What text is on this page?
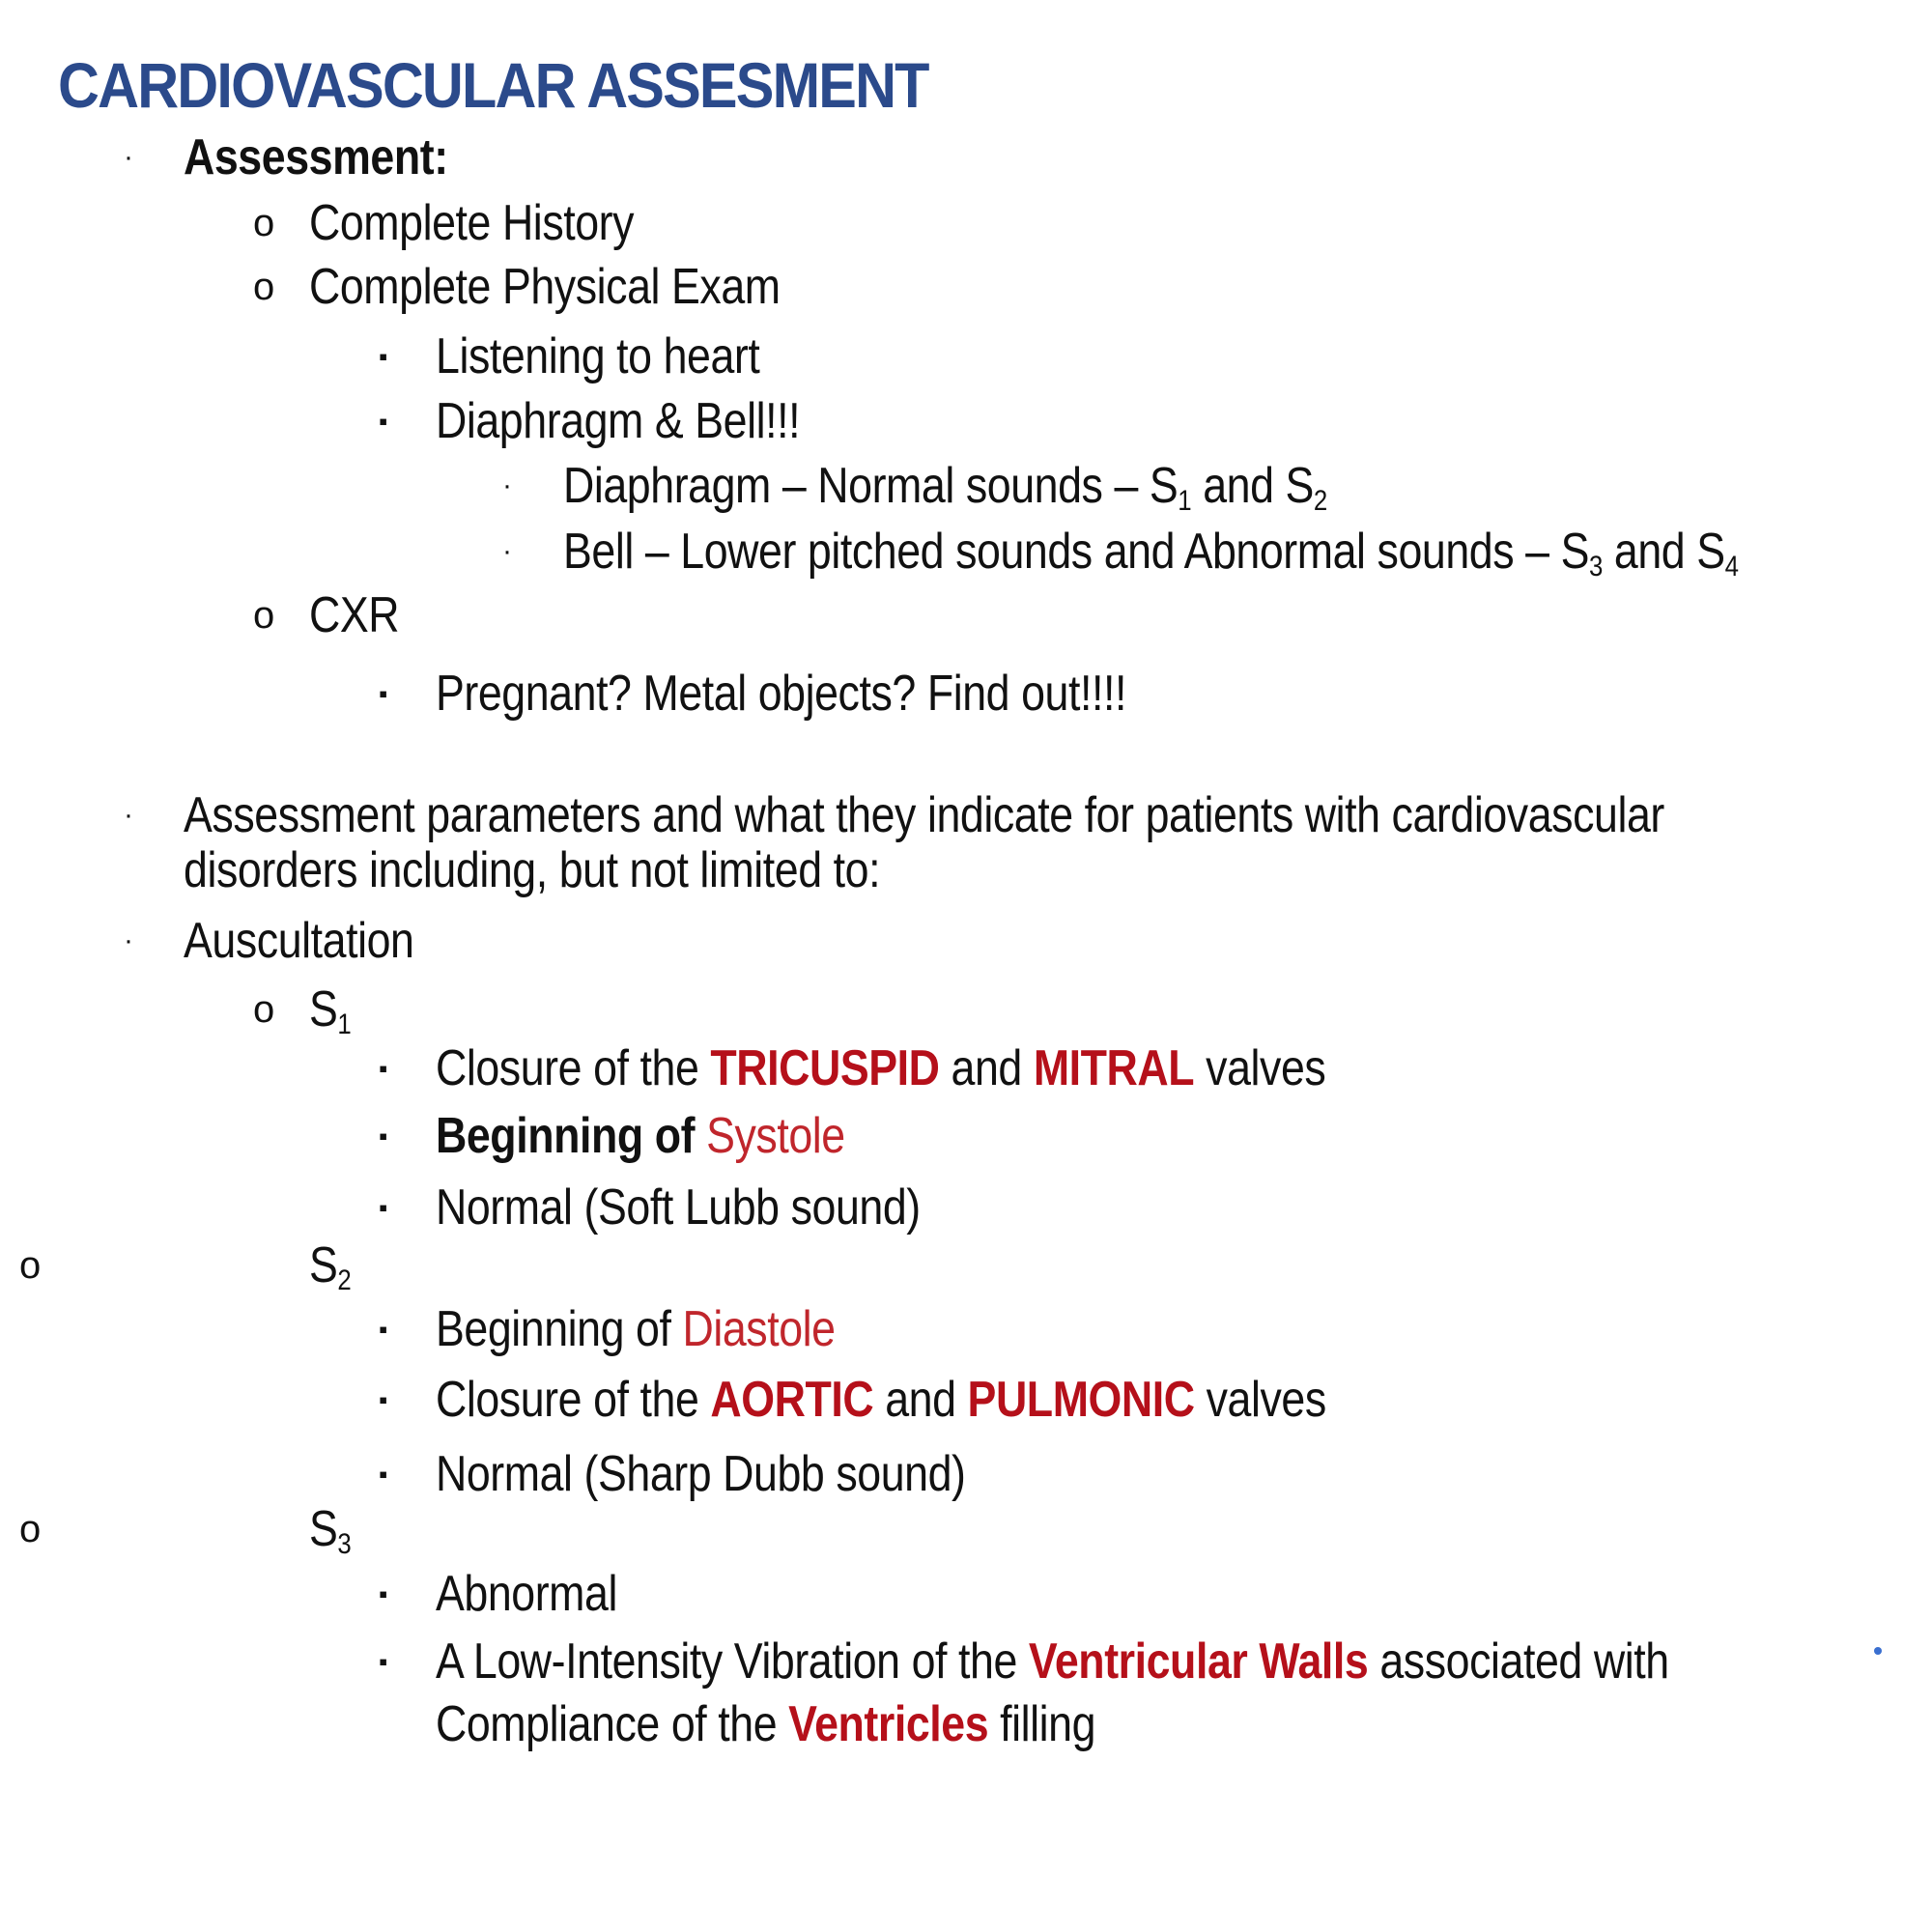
CARDIOVASCULAR ASSESMENT
· Assessment:
o Complete History
o Complete Physical Exam
▪ Listening to heart
▪ Diaphragm & Bell!!!
· Diaphragm – Normal sounds – S1 and S2
· Bell – Lower pitched sounds and Abnormal sounds – S3 and S4
o CXR
▪ Pregnant? Metal objects? Find out!!!!
· Assessment parameters and what they indicate for patients with cardiovascular
disorders including, but not limited to:
· Auscultation
o S1
▪ Closure of the TRICUSPID and MITRAL valves
▪ Beginning of Systole
▪ Normal (Soft Lubb sound)
o	S2
▪ Beginning of Diastole
▪ Closure of the AORTIC and PULMONIC valves
▪ Normal (Sharp Dubb sound)
o	S3
▪ Abnormal
▪ A Low-Intensity Vibration of the Ventricular Walls associated with
Compliance of the Ventricles filling
